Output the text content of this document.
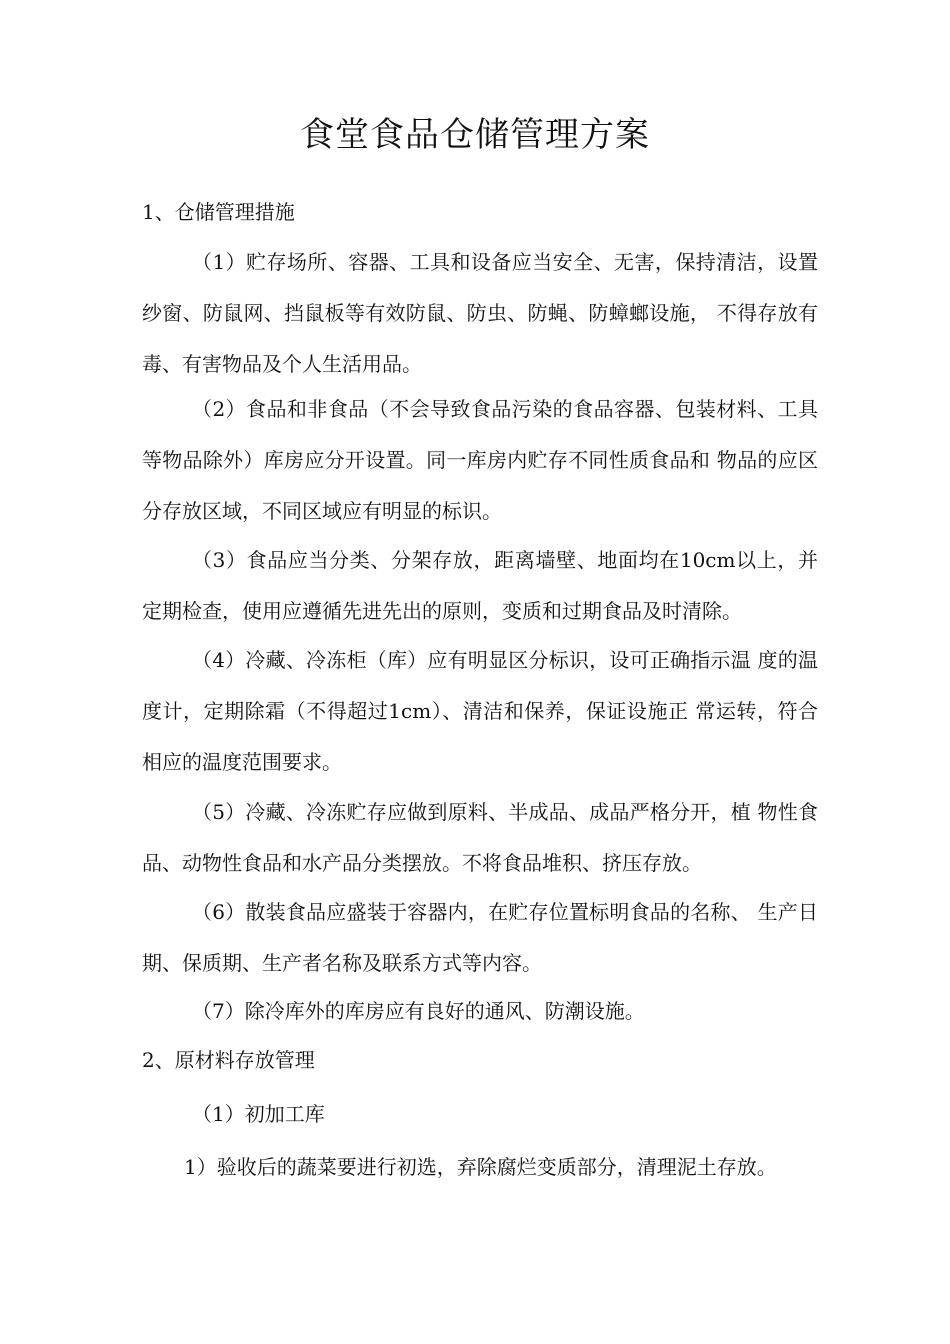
食堂食品仓储管理方案
1、仓储管理措施
（1）贮存场所、容器、工具和设备应当安全、无害，保持清洁，设置纱窗、防鼠网、挡鼠板等有效防鼠、防虫、防蝇、防蟑螂设施， 不得存放有毒、有害物品及个人生活用品。
（2）食品和非食品（不会导致食品污染的食品容器、包装材料、工具等物品除外）库房应分开设置。同一库房内贮存不同性质食品和 物品的应区分存放区域，不同区域应有明显的标识。
（3）食品应当分类、分架存放，距离墙壁、地面均在10cm以上，并定期检查，使用应遵循先进先出的原则，变质和过期食品及时清除。
（4）冷藏、冷冻柜（库）应有明显区分标识，设可正确指示温 度的温度计，定期除霜（不得超过1cm）、清洁和保养，保证设施正 常运转，符合相应的温度范围要求。
（5）冷藏、冷冻贮存应做到原料、半成品、成品严格分开，植 物性食品、动物性食品和水产品分类摆放。不将食品堆积、挤压存放。
（6）散装食品应盛装于容器内，在贮存位置标明食品的名称、 生产日期、保质期、生产者名称及联系方式等内容。
（7）除冷库外的库房应有良好的通风、防潮设施。
2、原材料存放管理
（1）初加工库
1）验收后的蔬菜要进行初选，弃除腐烂变质部分，清理泥土存放。
